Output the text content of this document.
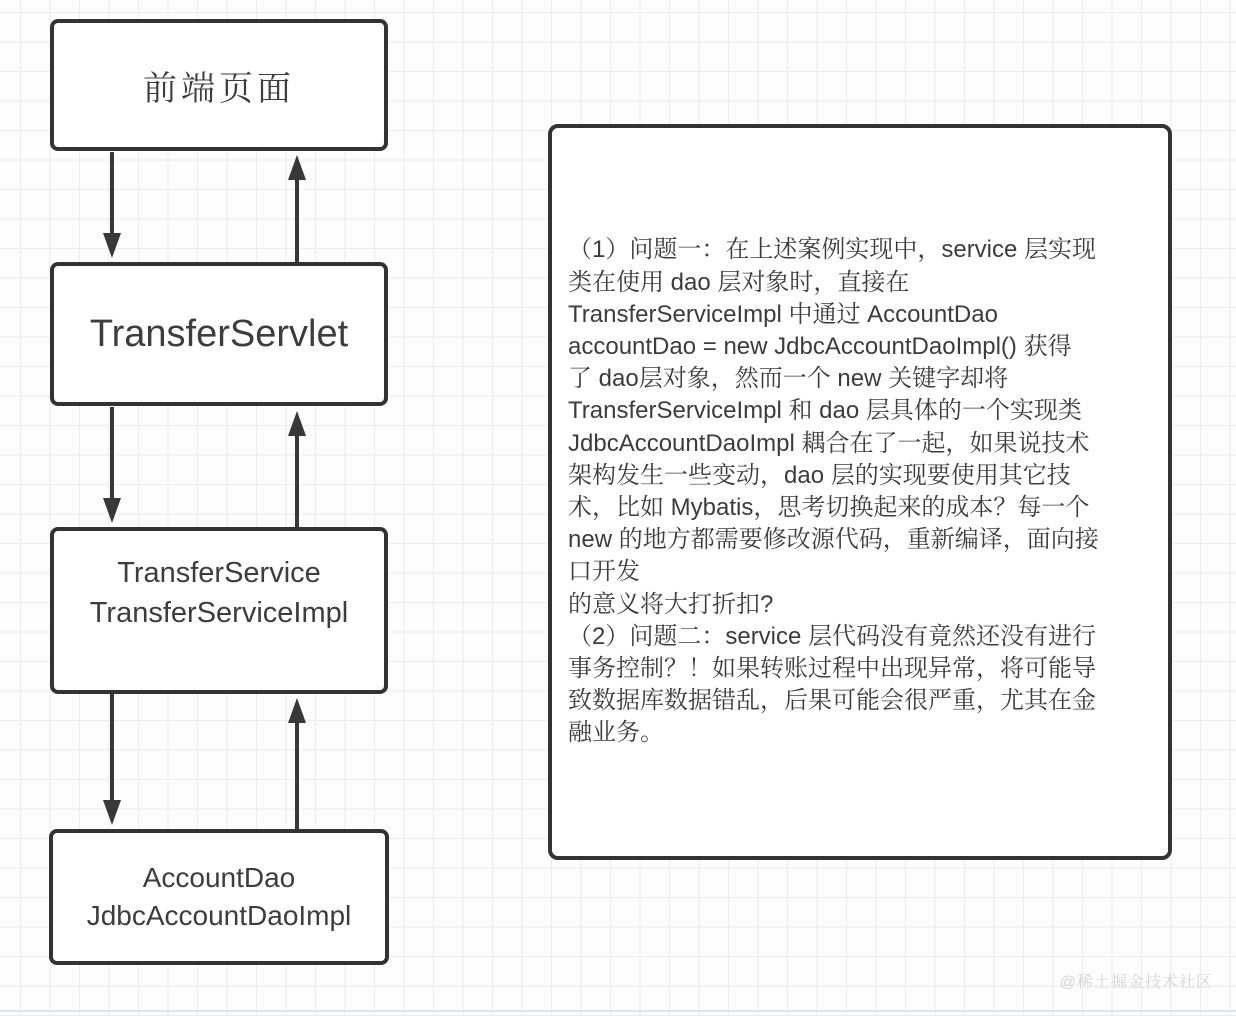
前端页面
TransferServlet
TransferService
TransferServiceImpl
AccountDao
JdbcAccountDaoImpl
（1）问题一：在上述案例实现中，service 层实现
类在使用 dao 层对象时，直接在
TransferServiceImpl 中通过 AccountDao
accountDao = new JdbcAccountDaoImpl() 获得
了 dao层对象，然而一个 new 关键字却将
TransferServiceImpl 和 dao 层具体的一个实现类
JdbcAccountDaoImpl 耦合在了一起，如果说技术
架构发生一些变动，dao 层的实现要使用其它技
术，比如 Mybatis，思考切换起来的成本？每一个
new 的地方都需要修改源代码，重新编译，面向接
口开发
的意义将大打折扣?
（2）问题二：service 层代码没有竟然还没有进行
事务控制？！如果转账过程中出现异常，将可能导
致数据库数据错乱，后果可能会很严重，尤其在金
融业务。
@稀土掘金技术社区
